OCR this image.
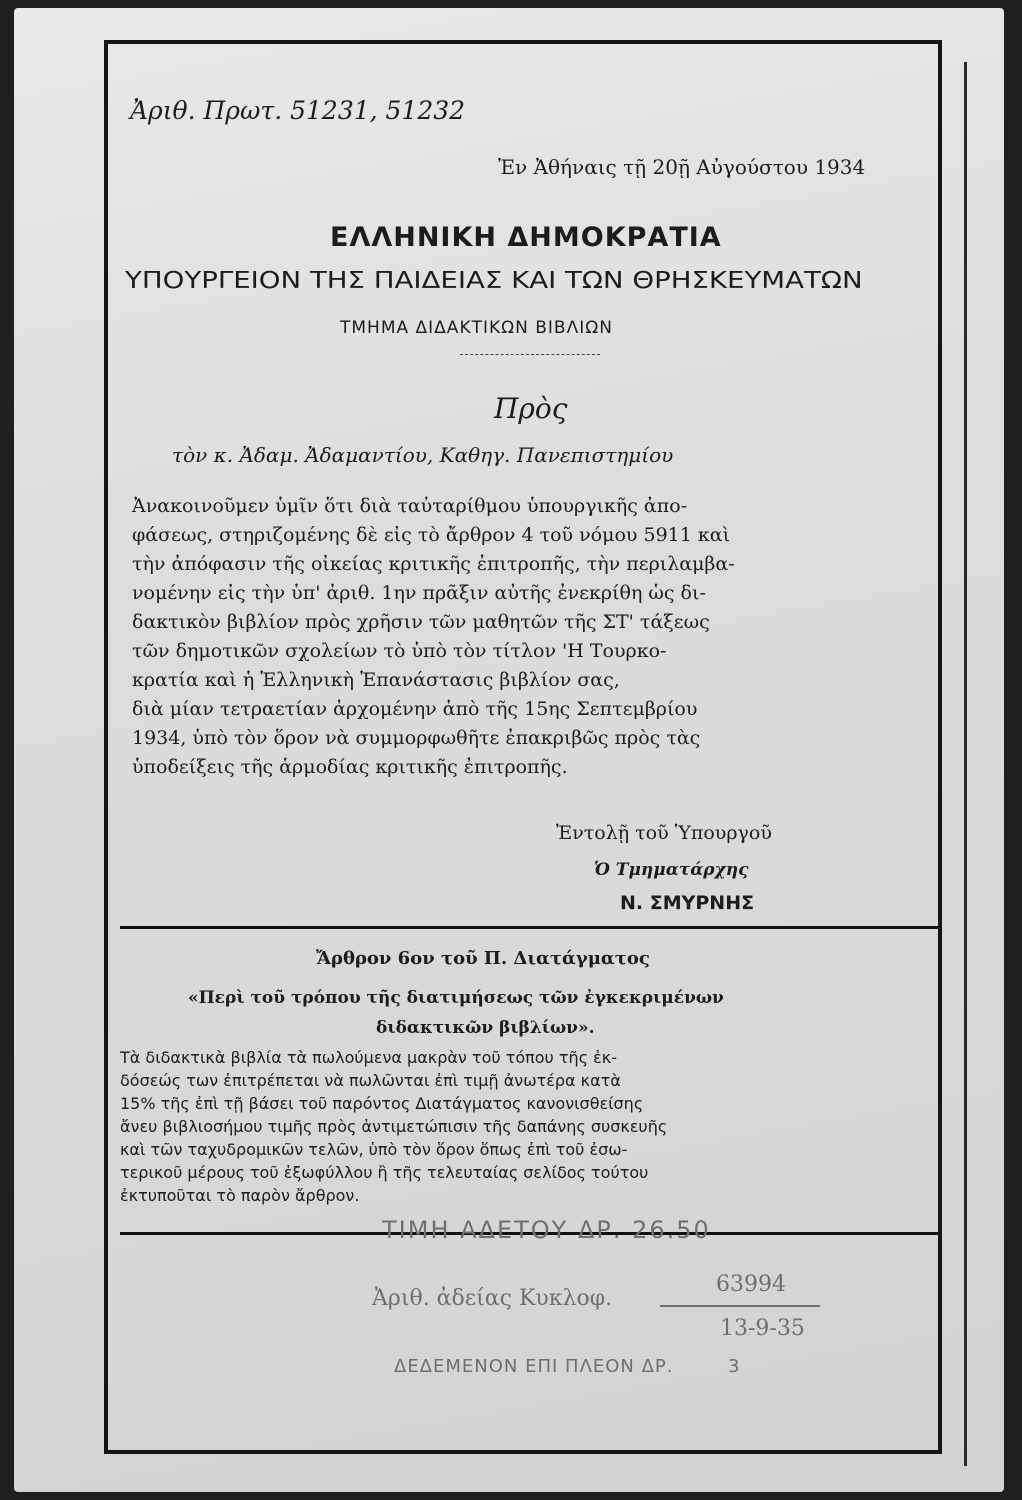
Ἀριθ. Πρωτ. 51231, 51232
Ἐν Ἀθήναις τῇ 20ῇ Αὐγούστου 1934
ΕΛΛΗΝΙΚΗ ΔΗΜΟΚΡΑΤΙΑ
ΥΠΟΥΡΓΕΙΟΝ ΤΗΣ ΠΑΙΔΕΙΑΣ ΚΑΙ ΤΩΝ ΘΡΗΣΚΕΥΜΑΤΩΝ
ΤΜΗΜΑ ΔΙΔΑΚΤΙΚΩΝ ΒΙΒΛΙΩΝ
Πρὸς
τὸν κ. Ἀδαμ. Ἀδαμαντίου, Καθηγ. Πανεπιστημίου
Ἀνακοινοῦμεν ὑμῖν ὅτι διὰ ταὐταρίθμου ὑπουργικῆς ἀπο-
φάσεως, στηριζομένης δὲ εἰς τὸ ἄρθρον 4 τοῦ νόμου 5911 καὶ
τὴν ἀπόφασιν τῆς οἰκείας κριτικῆς ἐπιτροπῆς, τὴν περιλαμβα-
νομένην εἰς τὴν ὑπ' ἀριθ. 1ην πρᾶξιν αὐτῆς ἐνεκρίθη ὡς δι-
δακτικὸν βιβλίον πρὸς χρῆσιν τῶν μαθητῶν τῆς ΣΤ' τάξεως
τῶν δημοτικῶν σχολείων τὸ ὑπὸ τὸν τίτλον 'Η Τουρκο-
κρατία καὶ ἡ Ἑλληνικὴ Ἐπανάστασις βιβλίον σας,
διὰ μίαν τετραετίαν ἀρχομένην ἀπὸ τῆς 15ης Σεπτεμβρίου
1934, ὑπὸ τὸν ὅρον νὰ συμμορφωθῆτε ἐπακριβῶς πρὸς τὰς
ὑποδείξεις τῆς ἁρμοδίας κριτικῆς ἐπιτροπῆς.
Ἐντολῇ τοῦ Ὑπουργοῦ
Ὁ Τμηματάρχης
Ν. ΣΜΥΡΝΗΣ
Ἄρθρον 6ον τοῦ Π. Διατάγματος
«Περὶ τοῦ τρόπου τῆς διατιμήσεως τῶν ἐγκεκριμένων
διδακτικῶν βιβλίων».
Τὰ διδακτικὰ βιβλία τὰ πωλούμενα μακρὰν τοῦ τόπου τῆς ἐκ-
δόσεώς των ἐπιτρέπεται νὰ πωλῶνται ἐπὶ τιμῇ ἀνωτέρα κατὰ
15% τῆς ἐπὶ τῇ βάσει τοῦ παρόντος Διατάγματος κανονισθείσης
ἄνευ βιβλιοσήμου τιμῆς πρὸς ἀντιμετώπισιν τῆς δαπάνης συσκευῆς
καὶ τῶν ταχυδρομικῶν τελῶν, ὑπὸ τὸν ὅρον ὅπως ἐπὶ τοῦ ἐσω-
τερικοῦ μέρους τοῦ ἐξωφύλλου ἢ τῆς τελευταίας σελίδος τούτου
ἐκτυποῦται τὸ παρὸν ἄρθρον.
ΤΙΜΗ ΑΔΕΤΟΥ ΔΡ. 26.50
Ἀριθ. ἀδείας Κυκλοφ.
63994
13-9-35
ΔΕΔΕΜΕΝΟΝ ΕΠΙ ΠΛΕΟΝ ΔΡ.	3
